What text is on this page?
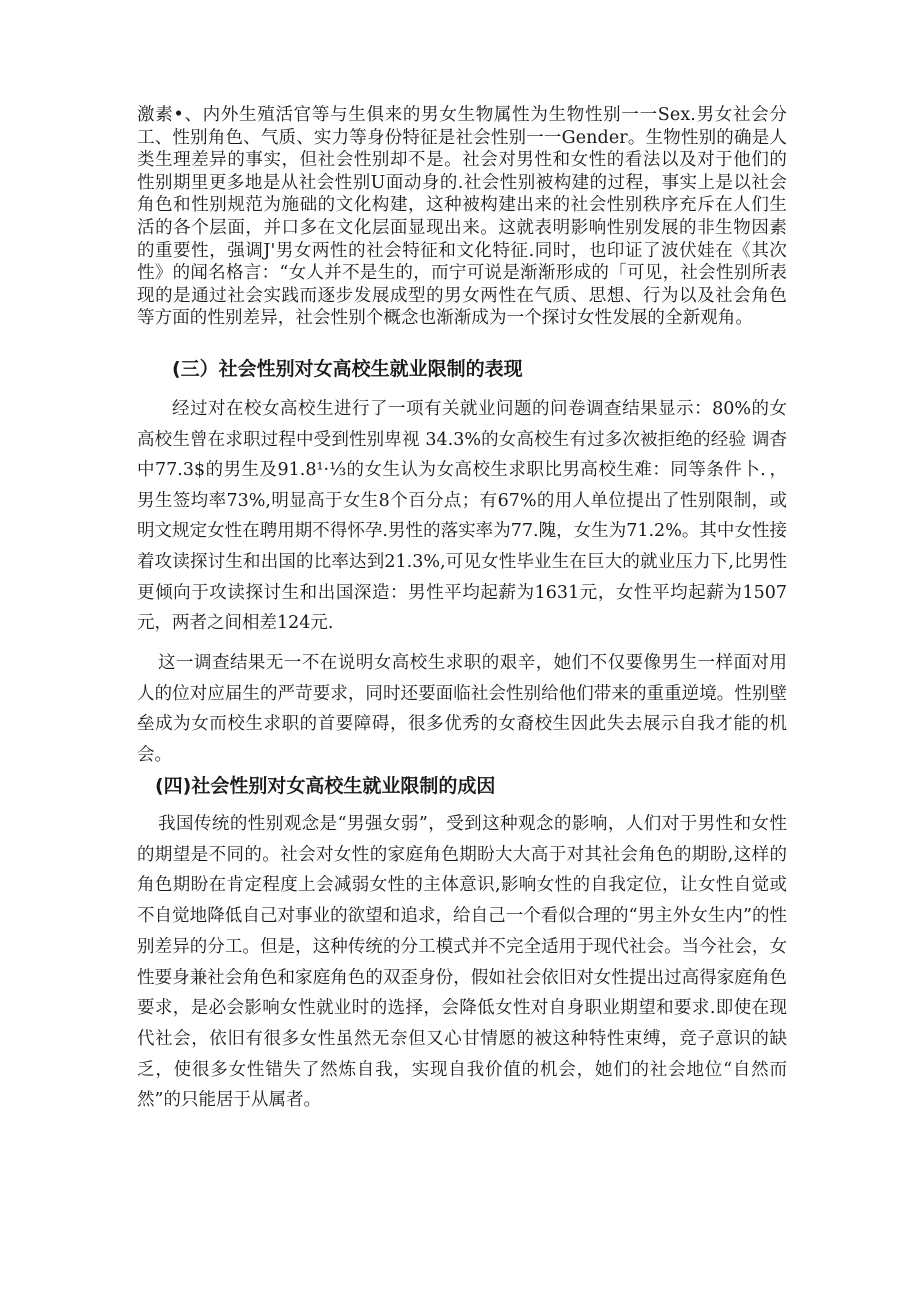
激素•、内外生殖活官等与生俱来的男女生物属性为生物性别一一Sex.男女社会分工、性别角色、气质、实力等身份特征是社会性别一一Gender。生物性别的确是人类生理差异的事实，但社会性别却不是。社会对男性和女性的看法以及对于他们的性别期里更多地是从社会性别U面动身的.社会性别被构建的过程，事实上是以社会角色和性别规范为施础的文化构建，这种被构建出来的社会性别秩序充斥在人们生活的各个层面，并口多在文化层面显现出来。这就表明影响性别发展的非生物因素的重要性，强调J'男女两性的社会特征和文化特征.同时，也印证了波伏娃在《其次性》的闻名格言：“女人并不是生的，而宁可说是渐渐形成的「可见，社会性别所表现的是通过社会实践而逐步发展成型的男女两性在气质、思想、行为以及社会角色等方面的性别差异，社会性别个概念也渐渐成为一个探讨女性发展的全新观角。

(三）社会性别对女高校生就业限制的表现

经过对在校女高校生进行了一项有关就业问题的问卷调查结果显示：80%的女高校生曾在求职过程中受到性别卑视 34.3%的女高校生有过多次被拒绝的经验 调杳中77.3$的男生及91.8¹·⅓的女生认为女高校生求职比男高校生难：同等条件卜．，男生签均率73%,明显高于女生8个百分点；有67%的用人单位提出了性别限制，或明文规定女性在聘用期不得怀孕.男性的落实率为77.隗，女生为71.2%。其中女性接着攻读探讨生和出国的比率达到21.3%,可见女性毕业生在巨大的就业压力下,比男性更倾向于攻读探讨生和出国深造：男性平均起薪为1631元，女性平均起薪为1507元，两者之间相差124元.

这一调查结果无一不在说明女高校生求职的艰辛，她们不仅要像男生一样面对用人的位对应届生的严苛要求，同时还要面临社会性别给他们带来的重重逆境。性别壁垒成为女而校生求职的首要障碍，很多优秀的女裔校生因此失去展示自我才能的机会。

(四)社会性别对女高校生就业限制的成因

我国传统的性别观念是“男强女弱”，受到这种观念的影响，人们对于男性和女性的期望是不同的。社会对女性的家庭角色期盼大大高于对其社会角色的期盼,这样的角色期盼在肯定程度上会减弱女性的主体意识,影响女性的自我定位，让女性自觉或不自觉地降低自己对事业的欲望和追求，给自己一个看似合理的“男主外女生内”的性别差异的分工。但是，这种传统的分工模式并不完全适用于现代社会。当今社会，女性要身兼社会角色和家庭角色的双歪身份，假如社会依旧对女性提出过高得家庭角色要求，是必会影响女性就业时的选择，会降低女性对自身职业期望和要求.即使在现代社会，依旧有很多女性虽然无奈但又心甘情愿的被这种特性束缚，竞子意识的缺乏，使很多女性错失了然炼自我，实现自我价值的机会，她们的社会地位“自然而然”的只能居于从属者。
